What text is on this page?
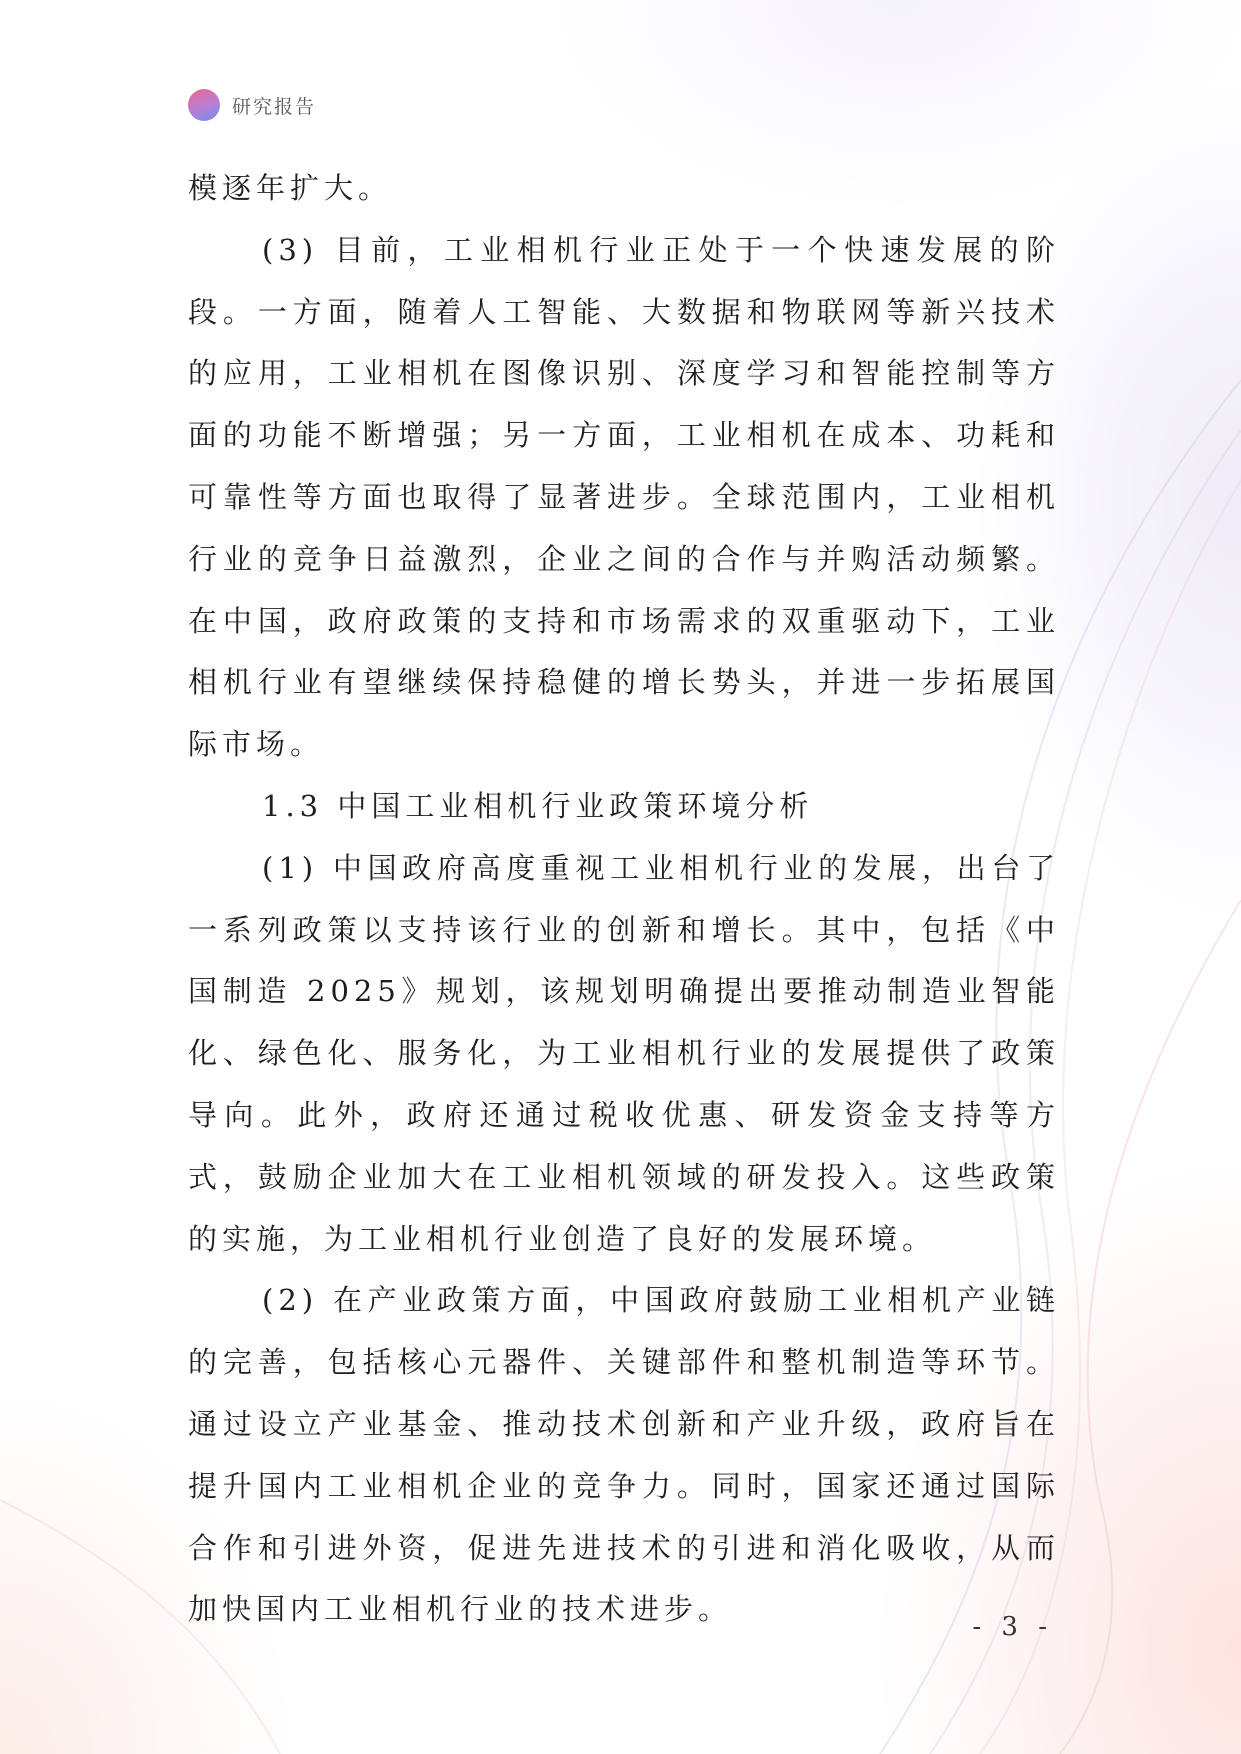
研究报告

模逐年扩大。

(3) 目前，工业相机行业正处于一个快速发展的阶段。一方面，随着人工智能、大数据和物联网等新兴技术的应用，工业相机在图像识别、深度学习和智能控制等方面的功能不断增强；另一方面，工业相机在成本、功耗和可靠性等方面也取得了显著进步。全球范围内，工业相机行业的竞争日益激烈，企业之间的合作与并购活动频繁。在中国，政府政策的支持和市场需求的双重驱动下，工业相机行业有望继续保持稳健的增长势头，并进一步拓展国际市场。

1.3 中国工业相机行业政策环境分析

(1) 中国政府高度重视工业相机行业的发展，出台了一系列政策以支持该行业的创新和增长。其中，包括《中国制造 2025》规划，该规划明确提出要推动制造业智能化、绿色化、服务化，为工业相机行业的发展提供了政策导向。此外，政府还通过税收优惠、研发资金支持等方式，鼓励企业加大在工业相机领域的研发投入。这些政策的实施，为工业相机行业创造了良好的发展环境。

(2) 在产业政策方面，中国政府鼓励工业相机产业链的完善，包括核心元器件、关键部件和整机制造等环节。通过设立产业基金、推动技术创新和产业升级，政府旨在提升国内工业相机企业的竞争力。同时，国家还通过国际合作和引进外资，促进先进技术的引进和消化吸收，从而加快国内工业相机行业的技术进步。

- 3 -
